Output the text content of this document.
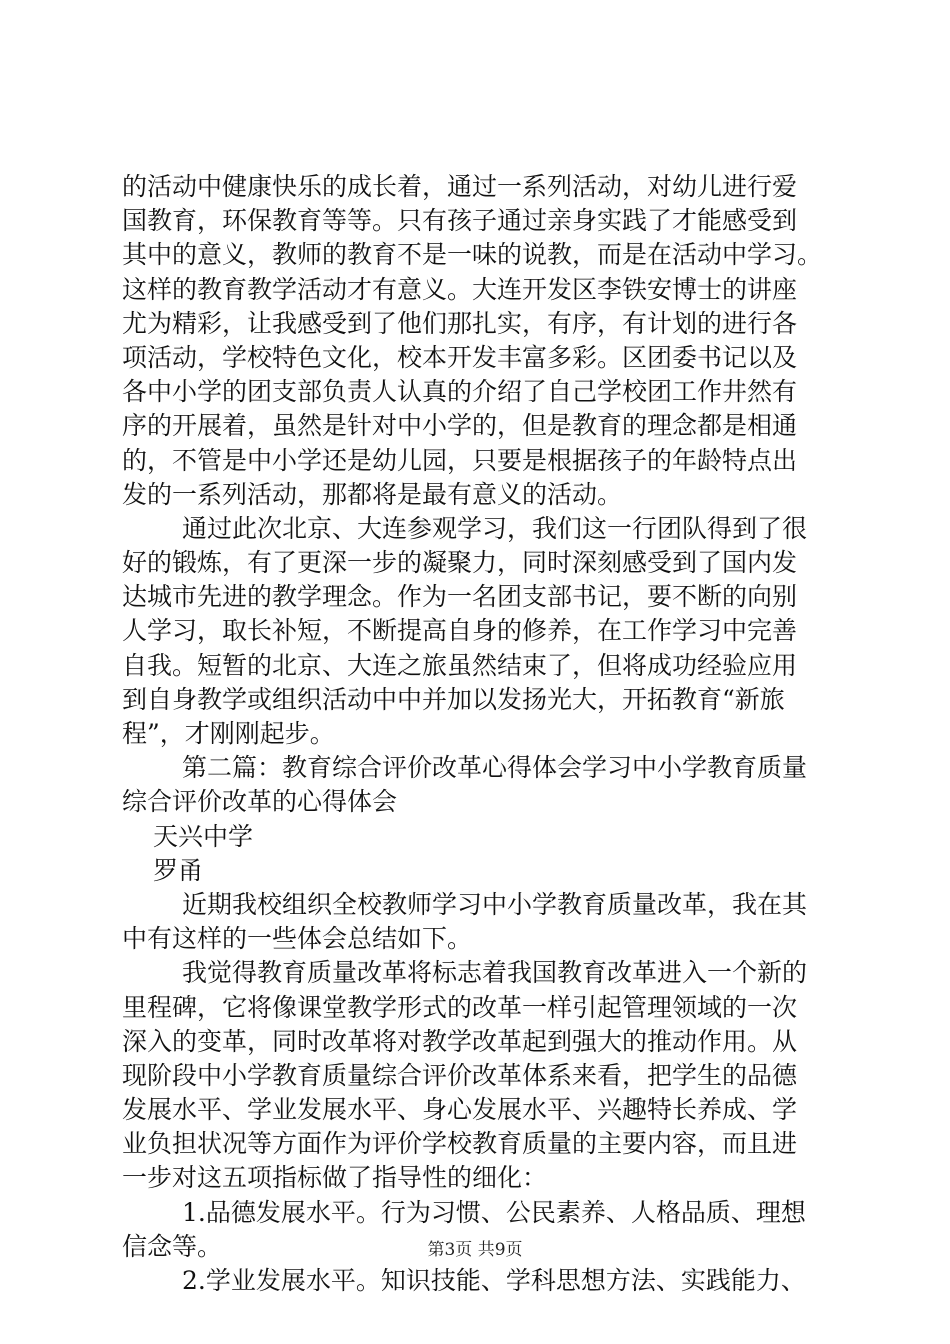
的活动中健康快乐的成长着，通过一系列活动，对幼儿进行爱
国教育，环保教育等等。只有孩子通过亲身实践了才能感受到
其中的意义，教师的教育不是一味的说教，而是在活动中学习。
这样的教育教学活动才有意义。大连开发区李铁安博士的讲座
尤为精彩，让我感受到了他们那扎实，有序，有计划的进行各
项活动，学校特色文化，校本开发丰富多彩。区团委书记以及
各中小学的团支部负责人认真的介绍了自己学校团工作井然有
序的开展着，虽然是针对中小学的，但是教育的理念都是相通
的，不管是中小学还是幼儿园，只要是根据孩子的年龄特点出
发的一系列活动，那都将是最有意义的活动。
通过此次北京、大连参观学习，我们这一行团队得到了很
好的锻炼，有了更深一步的凝聚力，同时深刻感受到了国内发
达城市先进的教学理念。作为一名团支部书记，要不断的向别
人学习，取长补短，不断提高自身的修养，在工作学习中完善
自我。短暂的北京、大连之旅虽然结束了，但将成功经验应用
到自身教学或组织活动中中并加以发扬光大，开拓教育“新旅
程”，才刚刚起步。
第二篇：教育综合评价改革心得体会学习中小学教育质量
综合评价改革的心得体会
天兴中学
罗甬
近期我校组织全校教师学习中小学教育质量改革，我在其
中有这样的一些体会总结如下。
我觉得教育质量改革将标志着我国教育改革进入一个新的
里程碑，它将像课堂教学形式的改革一样引起管理领域的一次
深入的变革，同时改革将对教学改革起到强大的推动作用。从
现阶段中小学教育质量综合评价改革体系来看，把学生的品德
发展水平、学业发展水平、身心发展水平、兴趣特长养成、学
业负担状况等方面作为评价学校教育质量的主要内容，而且进
一步对这五项指标做了指导性的细化：
1.品德发展水平。行为习惯、公民素养、人格品质、理想
信念等。
2.学业发展水平。知识技能、学科思想方法、实践能力、
第3页 共9页
